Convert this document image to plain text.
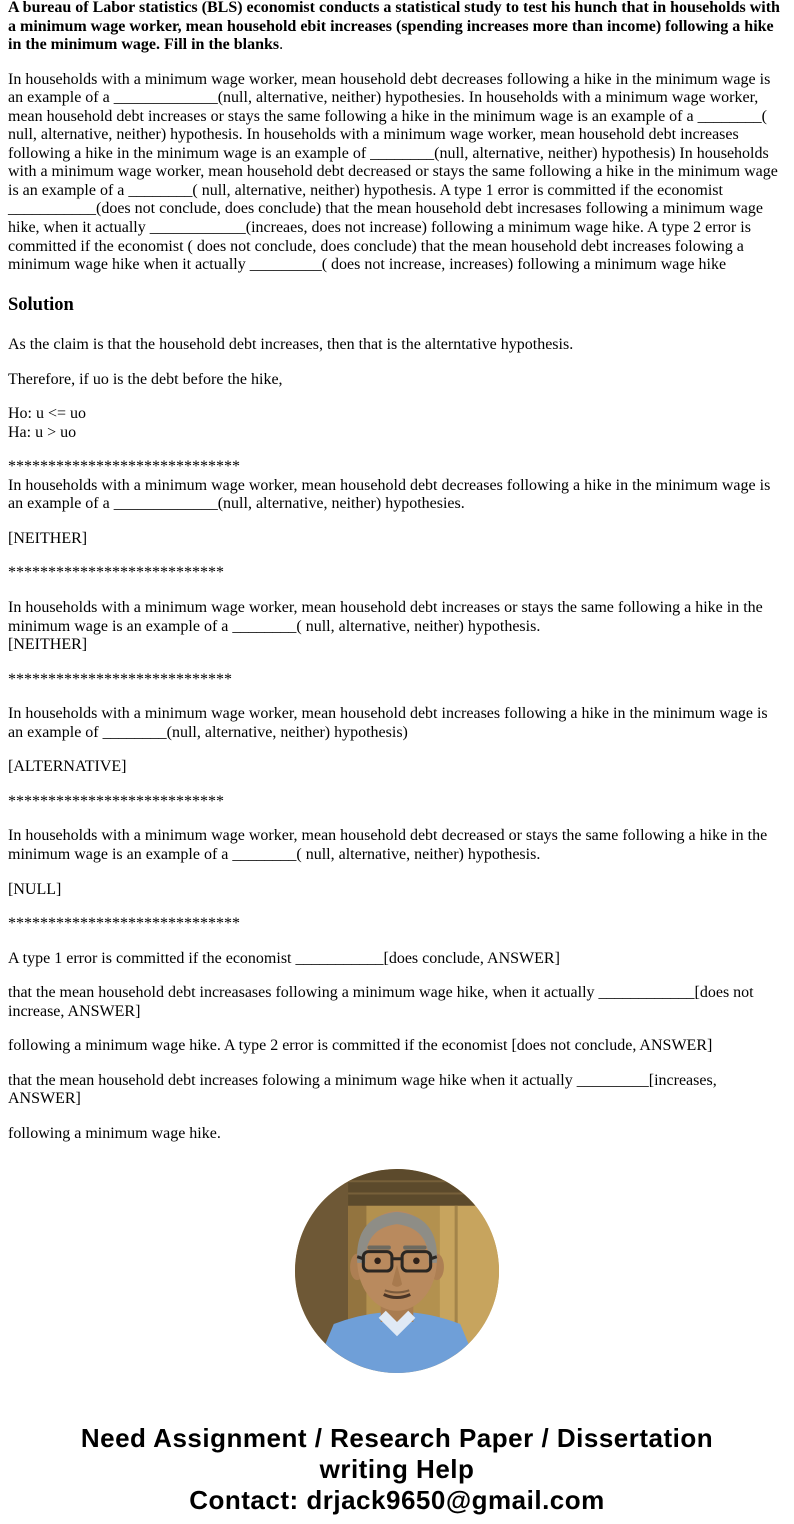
A bureau of Labor statistics (BLS) economist conducts a statistical study to test his hunch that in households with a minimum wage worker, mean household ebit increases (spending increases more than income) following a hike in the minimum wage. Fill in the blanks.

In households with a minimum wage worker, mean household debt decreases following a hike in the minimum wage is an example of a _____________(null, alternative, neither) hypothesies. In households with a minimum wage worker, mean household debt increases or stays the same following a hike in the minimum wage is an example of a ________( null, alternative, neither) hypothesis. In households with a minimum wage worker, mean household debt increases following a hike in the minimum wage is an example of ________(null, alternative, neither) hypothesis) In households with a minimum wage worker, mean household debt decreased or stays the same following a hike in the minimum wage is an example of a ________( null, alternative, neither) hypothesis. A type 1 error is committed if the economist ___________(does not conclude, does conclude) that the mean household debt incresases following a minimum wage hike, when it actually ____________(increaes, does not increase) following a minimum wage hike. A type 2 error is committed if the economist ( does not conclude, does conclude) that the mean household debt increases folowing a minimum wage hike when it actually _________( does not increase, increases) following a minimum wage hike

Solution

As the claim is that the household debt increases, then that is the alterntative hypothesis.

Therefore, if uo is the debt before the hike,

Ho: u <= uo
Ha: u > uo

*****************************
In households with a minimum wage worker, mean household debt decreases following a hike in the minimum wage is an example of a _____________(null, alternative, neither) hypothesies.

[NEITHER]

***************************

In households with a minimum wage worker, mean household debt increases or stays the same following a hike in the minimum wage is an example of a ________( null, alternative, neither) hypothesis.
[NEITHER]

****************************

In households with a minimum wage worker, mean household debt increases following a hike in the minimum wage is an example of ________(null, alternative, neither) hypothesis)

[ALTERNATIVE]

***************************

In households with a minimum wage worker, mean household debt decreased or stays the same following a hike in the minimum wage is an example of a ________( null, alternative, neither) hypothesis.

[NULL]

*****************************

A type 1 error is committed if the economist ___________[does conclude, ANSWER]

that the mean household debt increasases following a minimum wage hike, when it actually ____________[does not increase, ANSWER]

following a minimum wage hike. A type 2 error is committed if the economist [does not conclude, ANSWER]

that the mean household debt increases folowing a minimum wage hike when it actually _________[increases, ANSWER]

following a minimum wage hike.

Need Assignment / Research Paper / Dissertation writing Help
Contact: drjack9650@gmail.com
